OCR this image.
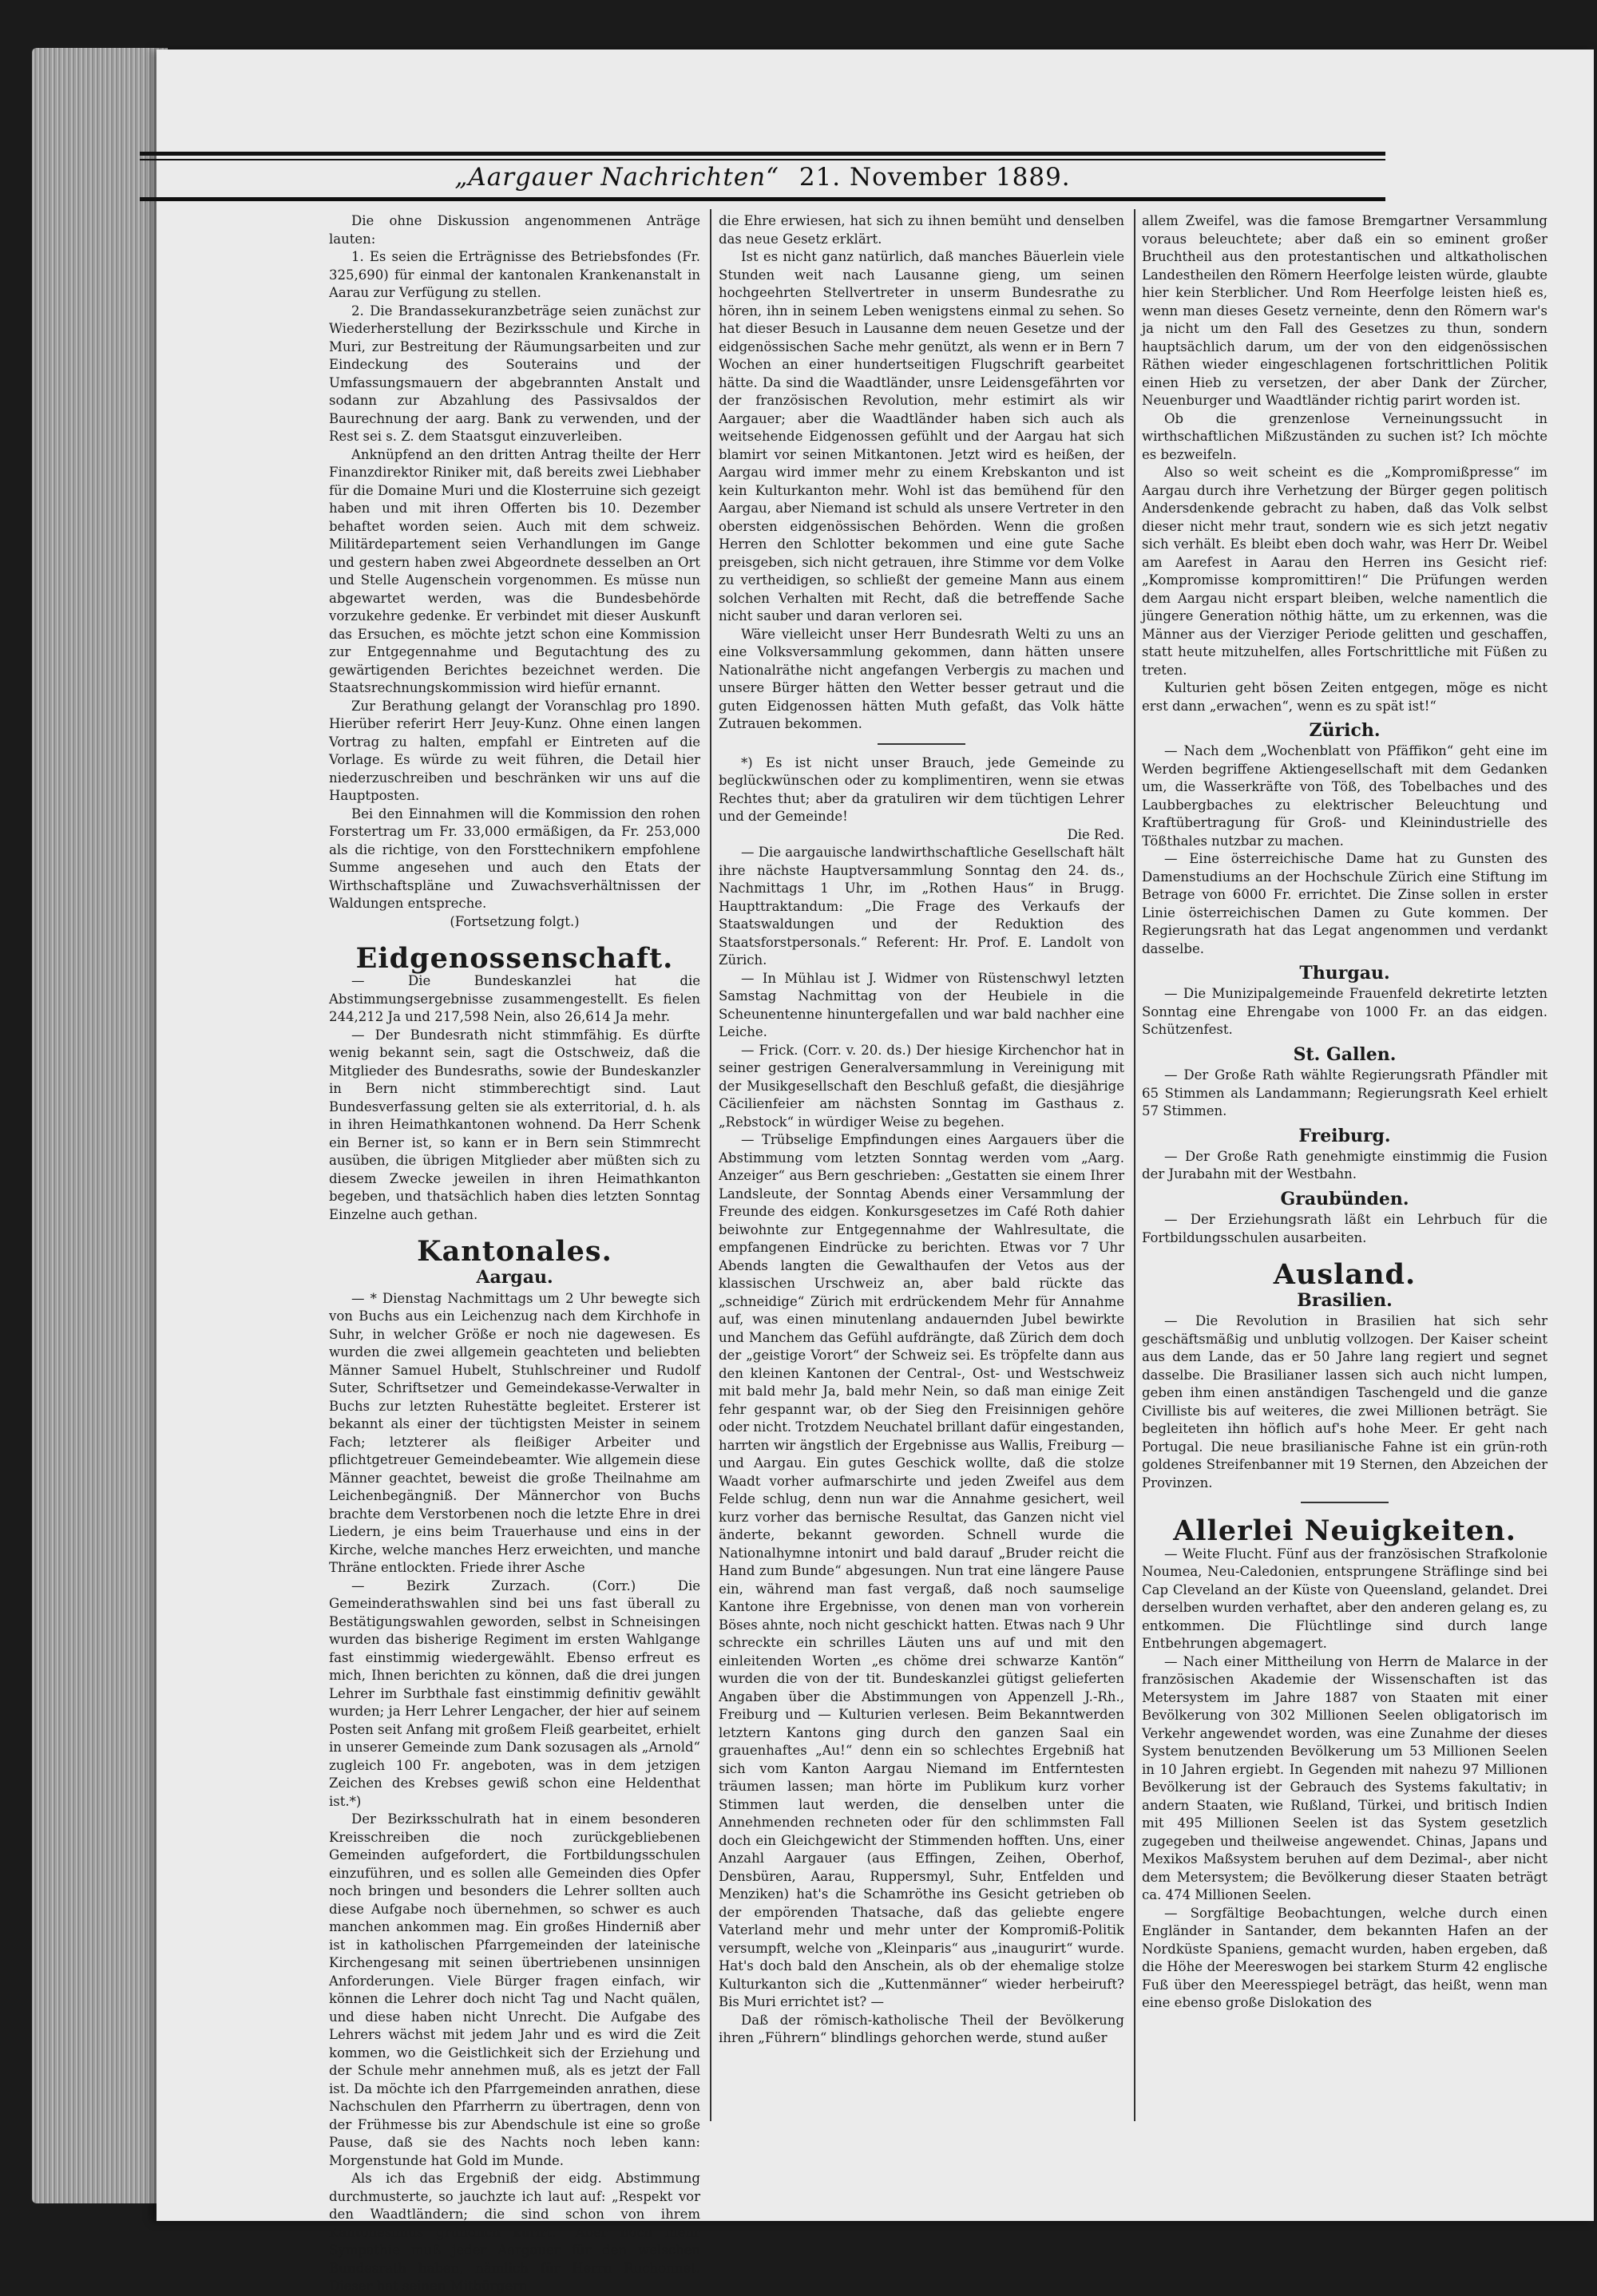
„Aargauer Nachrichten“ 21. November 1889.

Die ohne Diskussion angenommenen Anträge lauten:

1. Es seien die Erträgnisse des Betriebsfondes (Fr. 325,690) für einmal der kantonalen Krankenanstalt in Aarau zur Verfügung zu stellen.

2. Die Brandassekuranzbeträge seien zunächst zur Wiederherstellung der Bezirksschule und Kirche in Muri, zur Bestreitung der Räumungsarbeiten und zur Eindeckung des Souterains und der Umfassungsmauern der abgebrannten Anstalt und sodann zur Abzahlung des Passivsaldos der Baurechnung der aarg. Bank zu verwenden, und der Rest sei s. Z. dem Staatsgut einzuverleiben.

Anknüpfend an den dritten Antrag theilte der Herr Finanzdirektor Riniker mit, daß bereits zwei Liebhaber für die Domaine Muri und die Klosterruine sich gezeigt haben und mit ihren Offerten bis 10. Dezember behaftet worden seien. Auch mit dem schweiz. Militärdepartement seien Verhandlungen im Gange und gestern haben zwei Abgeordnete desselben an Ort und Stelle Augenschein vorgenommen. Es müsse nun abgewartet werden, was die Bundesbehörde vorzukehre gedenke. Er verbindet mit dieser Auskunft das Ersuchen, es möchte jetzt schon eine Kommission zur Entgegennahme und Begutachtung des zu gewärtigenden Berichtes bezeichnet werden. Die Staatsrechnungskommission wird hiefür ernannt.

Zur Berathung gelangt der Voranschlag pro 1890. Hierüber referirt Herr Jeuy-Kunz. Ohne einen langen Vortrag zu halten, empfahl er Eintreten auf die Vorlage. Es würde zu weit führen, die Detail hier niederzuschreiben und beschränken wir uns auf die Hauptposten.

Bei den Einnahmen will die Kommission den rohen Forstertrag um Fr. 33,000 ermäßigen, da Fr. 253,000 als die richtige, von den Forsttechnikern empfohlene Summe angesehen und auch den Etats der Wirthschaftspläne und Zuwachsverhältnissen der Waldungen entspreche.

(Fortsetzung folgt.)

Eidgenossenschaft.

— Die Bundeskanzlei hat die Abstimmungsergebnisse zusammengestellt. Es fielen 244,212 Ja und 217,598 Nein, also 26,614 Ja mehr.

— Der Bundesrath nicht stimmfähig. Es dürfte wenig bekannt sein, sagt die Ostschweiz, daß die Mitglieder des Bundesraths, sowie der Bundeskanzler in Bern nicht stimmberechtigt sind. Laut Bundesverfassung gelten sie als exterritorial, d. h. als in ihren Heimathkantonen wohnend. Da Herr Schenk ein Berner ist, so kann er in Bern sein Stimmrecht ausüben, die übrigen Mitglieder aber müßten sich zu diesem Zwecke jeweilen in ihren Heimathkanton begeben, und thatsächlich haben dies letzten Sonntag Einzelne auch gethan.

Kantonales.
Aargau.

— * Dienstag Nachmittags um 2 Uhr bewegte sich von Buchs aus ein Leichenzug nach dem Kirchhofe in Suhr, in welcher Größe er noch nie dagewesen. Es wurden die zwei allgemein geachteten und beliebten Männer Samuel Hubelt, Stuhlschreiner und Rudolf Suter, Schriftsetzer und Gemeindekasse-Verwalter in Buchs zur letzten Ruhestätte begleitet. Ersterer ist bekannt als einer der tüchtigsten Meister in seinem Fach; letzterer als fleißiger Arbeiter und pflichtgetreuer Gemeindebeamter. Wie allgemein diese Männer geachtet, beweist die große Theilnahme am Leichenbegängniß. Der Männerchor von Buchs brachte dem Verstorbenen noch die letzte Ehre in drei Liedern, je eins beim Trauerhause und eins in der Kirche, welche manches Herz erweichten, und manche Thräne entlockten. Friede ihrer Asche

— Bezirk Zurzach. (Corr.) Die Gemeinderathswahlen sind bei uns fast überall zu Bestätigungswahlen geworden, selbst in Schneisingen wurden das bisherige Regiment im ersten Wahlgange fast einstimmig wiedergewählt. Ebenso erfreut es mich, Ihnen berichten zu können, daß die drei jungen Lehrer im Surbthale fast einstimmig definitiv gewählt wurden; ja Herr Lehrer Lengacher, der hier auf seinem Posten seit Anfang mit großem Fleiß gearbeitet, erhielt in unserer Gemeinde zum Dank sozusagen als „Arnold“ zugleich 100 Fr. angeboten, was in dem jetzigen Zeichen des Krebses gewiß schon eine Heldenthat ist.*)

Der Bezirksschulrath hat in einem besonderen Kreisschreiben die noch zurückgebliebenen Gemeinden aufgefordert, die Fortbildungsschulen einzuführen, und es sollen alle Gemeinden dies Opfer noch bringen und besonders die Lehrer sollten auch diese Aufgabe noch übernehmen, so schwer es auch manchen ankommen mag. Ein großes Hinderniß aber ist in katholischen Pfarrgemeinden der lateinische Kirchengesang mit seinen übertriebenen unsinnigen Anforderungen. Viele Bürger fragen einfach, wir können die Lehrer doch nicht Tag und Nacht quälen, und diese haben nicht Unrecht. Die Aufgabe des Lehrers wächst mit jedem Jahr und es wird die Zeit kommen, wo die Geistlichkeit sich der Erziehung und der Schule mehr annehmen muß, als es jetzt der Fall ist. Da möchte ich den Pfarrgemeinden anrathen, diese Nachschulen den Pfarrherrn zu übertragen, denn von der Frühmesse bis zur Abendschule ist eine so große Pause, daß sie des Nachts noch leben kann: Morgenstunde hat Gold im Munde.

Als ich das Ergebniß der eidg. Abstimmung durchmusterte, so jauchzte ich laut auf: „Respekt vor den Waadtländern; die sind schon von ihrem Kantonesimus gründlich kurirt.“ Aber noch mehr Sympathie muß jeder Aargauer für den welschen Bundesrath haben, nämlich für Herrn Ruchonnet. Dieser hat seinen Mitbürgern

die Ehre erwiesen, hat sich zu ihnen bemüht und denselben das neue Gesetz erklärt.

Ist es nicht ganz natürlich, daß manches Bäuerlein viele Stunden weit nach Lausanne gieng, um seinen hochgeehrten Stellvertreter in unserm Bundesrathe zu hören, ihn in seinem Leben wenigstens einmal zu sehen. So hat dieser Besuch in Lausanne dem neuen Gesetze und der eidgenössischen Sache mehr genützt, als wenn er in Bern 7 Wochen an einer hundertseitigen Flugschrift gearbeitet hätte. Da sind die Waadtländer, unsre Leidensgefährten vor der französischen Revolution, mehr estimirt als wir Aargauer; aber die Waadtländer haben sich auch als weitsehende Eidgenossen gefühlt und der Aargau hat sich blamirt vor seinen Mitkantonen. Jetzt wird es heißen, der Aargau wird immer mehr zu einem Krebskanton und ist kein Kulturkanton mehr. Wohl ist das bemühend für den Aargau, aber Niemand ist schuld als unsere Vertreter in den obersten eidgenössischen Behörden. Wenn die großen Herren den Schlotter bekommen und eine gute Sache preisgeben, sich nicht getrauen, ihre Stimme vor dem Volke zu vertheidigen, so schließt der gemeine Mann aus einem solchen Verhalten mit Recht, daß die betreffende Sache nicht sauber und daran verloren sei.

Wäre vielleicht unser Herr Bundesrath Welti zu uns an eine Volksversammlung gekommen, dann hätten unsere Nationalräthe nicht angefangen Verbergis zu machen und unsere Bürger hätten den Wetter besser getraut und die guten Eidgenossen hätten Muth gefaßt, das Volk hätte Zutrauen bekommen.

*) Es ist nicht unser Brauch, jede Gemeinde zu beglückwünschen oder zu komplimentiren, wenn sie etwas Rechtes thut; aber da gratuliren wir dem tüchtigen Lehrer und der Gemeinde!

Die Red.

— Die aargauische landwirthschaftliche Gesellschaft hält ihre nächste Hauptversammlung Sonntag den 24. ds., Nachmittags 1 Uhr, im „Rothen Haus“ in Brugg. Haupttraktandum: „Die Frage des Verkaufs der Staatswaldungen und der Reduktion des Staatsforstpersonals.“ Referent: Hr. Prof. E. Landolt von Zürich.

— In Mühlau ist J. Widmer von Rüstenschwyl letzten Samstag Nachmittag von der Heubiele in die Scheunentenne hinuntergefallen und war bald nachher eine Leiche.

— Frick. (Corr. v. 20. ds.) Der hiesige Kirchenchor hat in seiner gestrigen Generalversammlung in Vereinigung mit der Musikgesellschaft den Beschluß gefaßt, die diesjährige Cäcilienfeier am nächsten Sonntag im Gasthaus z. „Rebstock“ in würdiger Weise zu begehen.

— Trübselige Empfindungen eines Aargauers über die Abstimmung vom letzten Sonntag werden vom „Aarg. Anzeiger“ aus Bern geschrieben: „Gestatten sie einem Ihrer Landsleute, der Sonntag Abends einer Versammlung der Freunde des eidgen. Konkursgesetzes im Café Roth dahier beiwohnte zur Entgegennahme der Wahlresultate, die empfangenen Eindrücke zu berichten. Etwas vor 7 Uhr Abends langten die Gewalthaufen der Vetos aus der klassischen Urschweiz an, aber bald rückte das „schneidige“ Zürich mit erdrückendem Mehr für Annahme auf, was einen minutenlang andauernden Jubel bewirkte und Manchem das Gefühl aufdrängte, daß Zürich dem doch der „geistige Vorort“ der Schweiz sei. Es tröpfelte dann aus den kleinen Kantonen der Central-, Ost- und Westschweiz mit bald mehr Ja, bald mehr Nein, so daß man einige Zeit fehr gespannt war, ob der Sieg den Freisinnigen gehöre oder nicht. Trotzdem Neuchatel brillant dafür eingestanden, harrten wir ängstlich der Ergebnisse aus Wallis, Freiburg — und Aargau. Ein gutes Geschick wollte, daß die stolze Waadt vorher aufmarschirte und jeden Zweifel aus dem Felde schlug, denn nun war die Annahme gesichert, weil kurz vorher das bernische Resultat, das Ganzen nicht viel änderte, bekannt geworden. Schnell wurde die Nationalhymne intonirt und bald darauf „Bruder reicht die Hand zum Bunde“ abgesungen. Nun trat eine längere Pause ein, während man fast vergaß, daß noch saumselige Kantone ihre Ergebnisse, von denen man von vorherein Böses ahnte, noch nicht geschickt hatten. Etwas nach 9 Uhr schreckte ein schrilles Läuten uns auf und mit den einleitenden Worten „es chöme drei schwarze Kantön“ wurden die von der tit. Bundeskanzlei gütigst gelieferten Angaben über die Abstimmungen von Appenzell J.-Rh., Freiburg und — Kulturien verlesen. Beim Bekanntwerden letztern Kantons ging durch den ganzen Saal ein grauenhaftes „Au!“ denn ein so schlechtes Ergebniß hat sich vom Kanton Aargau Niemand im Entferntesten träumen lassen; man hörte im Publikum kurz vorher Stimmen laut werden, die denselben unter die Annehmenden rechneten oder für den schlimmsten Fall doch ein Gleichgewicht der Stimmenden hofften. Uns, einer Anzahl Aargauer (aus Effingen, Zeihen, Oberhof, Densbüren, Aarau, Ruppersmyl, Suhr, Entfelden und Menziken) hat's die Schamröthe ins Gesicht getrieben ob der empörenden Thatsache, daß das geliebte engere Vaterland mehr und mehr unter der Kompromiß-Politik versumpft, welche von „Kleinparis“ aus „inaugurirt“ wurde. Hat's doch bald den Anschein, als ob der ehemalige stolze Kulturkanton sich die „Kuttenmänner“ wieder herbeiruft? Bis Muri errichtet ist? —

Daß der römisch-katholische Theil der Bevölkerung ihren „Führern“ blindlings gehorchen werde, stund außer

allem Zweifel, was die famose Bremgartner Versammlung voraus beleuchtete; aber daß ein so eminent großer Bruchtheil aus den protestantischen und altkatholischen Landestheilen den Römern Heerfolge leisten würde, glaubte hier kein Sterblicher. Und Rom Heerfolge leisten hieß es, wenn man dieses Gesetz verneinte, denn den Römern war's ja nicht um den Fall des Gesetzes zu thun, sondern hauptsächlich darum, um der von den eidgenössischen Räthen wieder eingeschlagenen fortschrittlichen Politik einen Hieb zu versetzen, der aber Dank der Zürcher, Neuenburger und Waadtländer richtig parirt worden ist.

Ob die grenzenlose Verneinungssucht in wirthschaftlichen Mißzuständen zu suchen ist? Ich möchte es bezweifeln.

Also so weit scheint es die „Kompromißpresse“ im Aargau durch ihre Verhetzung der Bürger gegen politisch Andersdenkende gebracht zu haben, daß das Volk selbst dieser nicht mehr traut, sondern wie es sich jetzt negativ sich verhält. Es bleibt eben doch wahr, was Herr Dr. Weibel am Aarefest in Aarau den Herren ins Gesicht rief: „Kompromisse kompromittiren!“ Die Prüfungen werden dem Aargau nicht erspart bleiben, welche namentlich die jüngere Generation nöthig hätte, um zu erkennen, was die Männer aus der Vierziger Periode gelitten und geschaffen, statt heute mitzuhelfen, alles Fortschrittliche mit Füßen zu treten.

Kulturien geht bösen Zeiten entgegen, möge es nicht erst dann „erwachen“, wenn es zu spät ist!“

Zürich.

— Nach dem „Wochenblatt von Pfäffikon“ geht eine im Werden begriffene Aktiengesellschaft mit dem Gedanken um, die Wasserkräfte von Töß, des Tobelbaches und des Laubbergbaches zu elektrischer Beleuchtung und Kraftübertragung für Groß- und Kleinindustrielle des Tößthales nutzbar zu machen.

— Eine österreichische Dame hat zu Gunsten des Damenstudiums an der Hochschule Zürich eine Stiftung im Betrage von 6000 Fr. errichtet. Die Zinse sollen in erster Linie österreichischen Damen zu Gute kommen. Der Regierungsrath hat das Legat angenommen und verdankt dasselbe.

Thurgau.

— Die Munizipalgemeinde Frauenfeld dekretirte letzten Sonntag eine Ehrengabe von 1000 Fr. an das eidgen. Schützenfest.

St. Gallen.

— Der Große Rath wählte Regierungsrath Pfändler mit 65 Stimmen als Landammann; Regierungsrath Keel erhielt 57 Stimmen.

Freiburg.

— Der Große Rath genehmigte einstimmig die Fusion der Jurabahn mit der Westbahn.

Graubünden.

— Der Erziehungsrath läßt ein Lehrbuch für die Fortbildungsschulen ausarbeiten.

Ausland.
Brasilien.

— Die Revolution in Brasilien hat sich sehr geschäftsmäßig und unblutig vollzogen. Der Kaiser scheint aus dem Lande, das er 50 Jahre lang regiert und segnet dasselbe. Die Brasilianer lassen sich auch nicht lumpen, geben ihm einen anständigen Taschengeld und die ganze Civilliste bis auf weiteres, die zwei Millionen beträgt. Sie begleiteten ihn höflich auf's hohe Meer. Er geht nach Portugal. Die neue brasilianische Fahne ist ein grün-roth goldenes Streifenbanner mit 19 Sternen, den Abzeichen der Provinzen.

Allerlei Neuigkeiten.

— Weite Flucht. Fünf aus der französischen Strafkolonie Noumea, Neu-Caledonien, entsprungene Sträflinge sind bei Cap Cleveland an der Küste von Queensland, gelandet. Drei derselben wurden verhaftet, aber den anderen gelang es, zu entkommen. Die Flüchtlinge sind durch lange Entbehrungen abgemagert.

— Nach einer Mittheilung von Herrn de Malarce in der französischen Akademie der Wissenschaften ist das Metersystem im Jahre 1887 von Staaten mit einer Bevölkerung von 302 Millionen Seelen obligatorisch im Verkehr angewendet worden, was eine Zunahme der dieses System benutzenden Bevölkerung um 53 Millionen Seelen in 10 Jahren ergiebt. In Gegenden mit nahezu 97 Millionen Bevölkerung ist der Gebrauch des Systems fakultativ; in andern Staaten, wie Rußland, Türkei, und britisch Indien mit 495 Millionen Seelen ist das System gesetzlich zugegeben und theilweise angewendet. Chinas, Japans und Mexikos Maßsystem beruhen auf dem Dezimal-, aber nicht dem Metersystem; die Bevölkerung dieser Staaten beträgt ca. 474 Millionen Seelen.

— Sorgfältige Beobachtungen, welche durch einen Engländer in Santander, dem bekannten Hafen an der Nordküste Spaniens, gemacht wurden, haben ergeben, daß die Höhe der Meereswogen bei starkem Sturm 42 englische Fuß über den Meeresspiegel beträgt, das heißt, wenn man eine ebenso große Dislokation des
